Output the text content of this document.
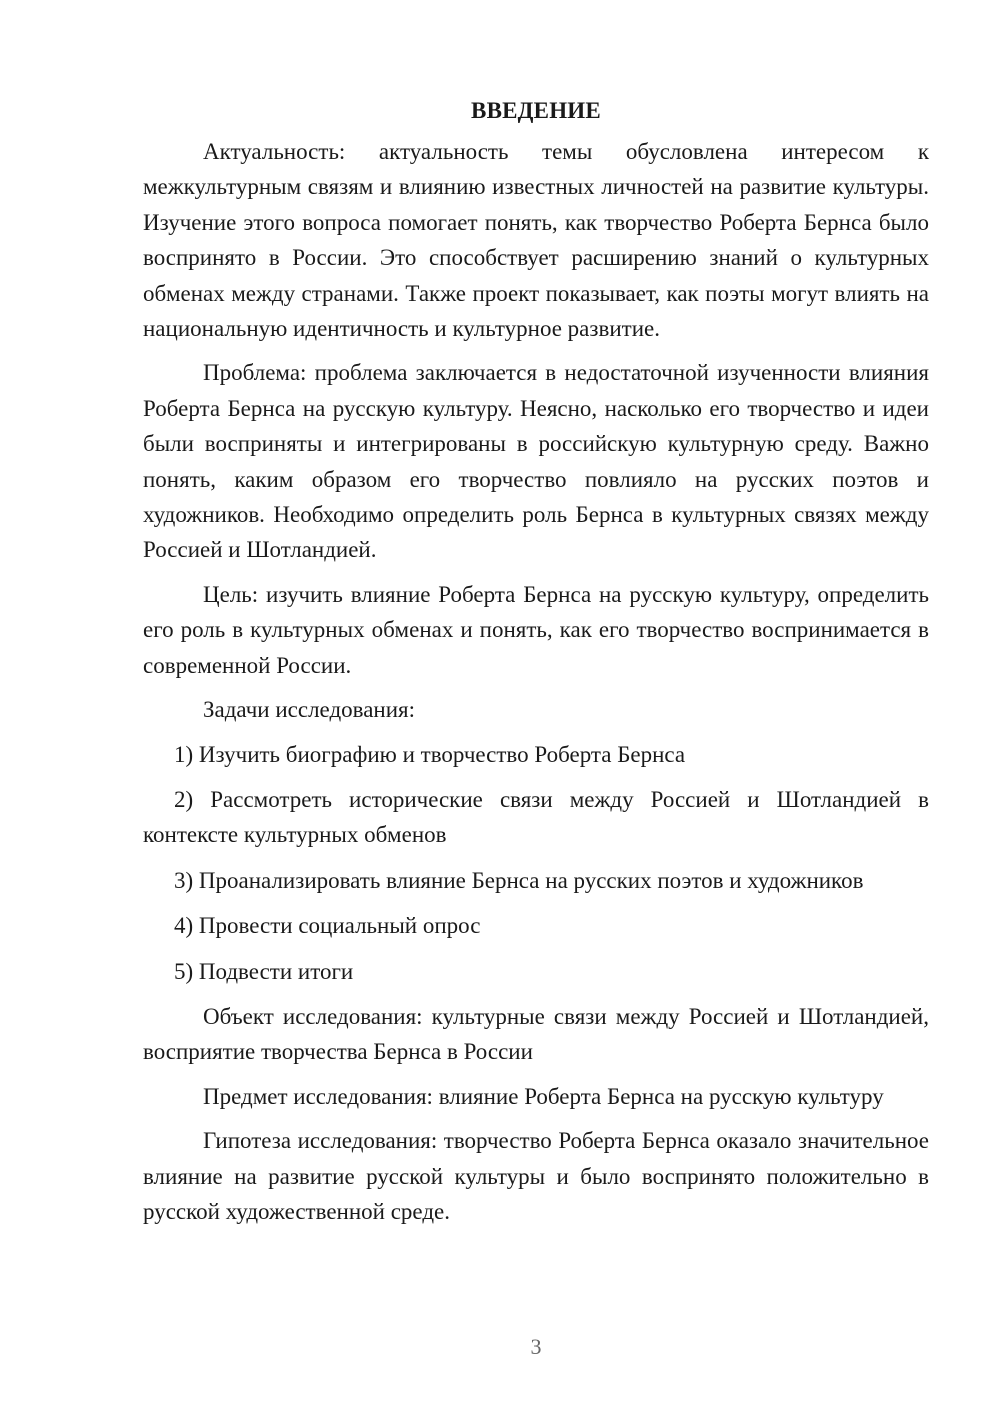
ВВЕДЕНИЕ

Актуальность: актуальность темы обусловлена интересом к межкультурным связям и влиянию известных личностей на развитие культуры. Изучение этого вопроса помогает понять, как творчество Роберта Бернса было воспринято в России. Это способствует расширению знаний о культурных обменах между странами. Также проект показывает, как поэты могут влиять на национальную идентичность и культурное развитие.

Проблема: проблема заключается в недостаточной изученности влияния Роберта Бернса на русскую культуру. Неясно, насколько его творчество и идеи были восприняты и интегрированы в российскую культурную среду. Важно понять, каким образом его творчество повлияло на русских поэтов и художников. Необходимо определить роль Бернса в культурных связях между Россией и Шотландией.

Цель: изучить влияние Роберта Бернса на русскую культуру, определить его роль в культурных обменах и понять, как его творчество воспринимается в современной России.

Задачи исследования:

1) Изучить биографию и творчество Роберта Бернса

2) Рассмотреть исторические связи между Россией и Шотландией в контексте культурных обменов

3) Проанализировать влияние Бернса на русских поэтов и художников

4) Провести социальный опрос

5) Подвести итоги

Объект исследования: культурные связи между Россией и Шотландией, восприятие творчества Бернса в России

Предмет исследования: влияние Роберта Бернса на русскую культуру

Гипотеза исследования: творчество Роберта Бернса оказало значительное влияние на развитие русской культуры и было воспринято положительно в русской художественной среде.

3
